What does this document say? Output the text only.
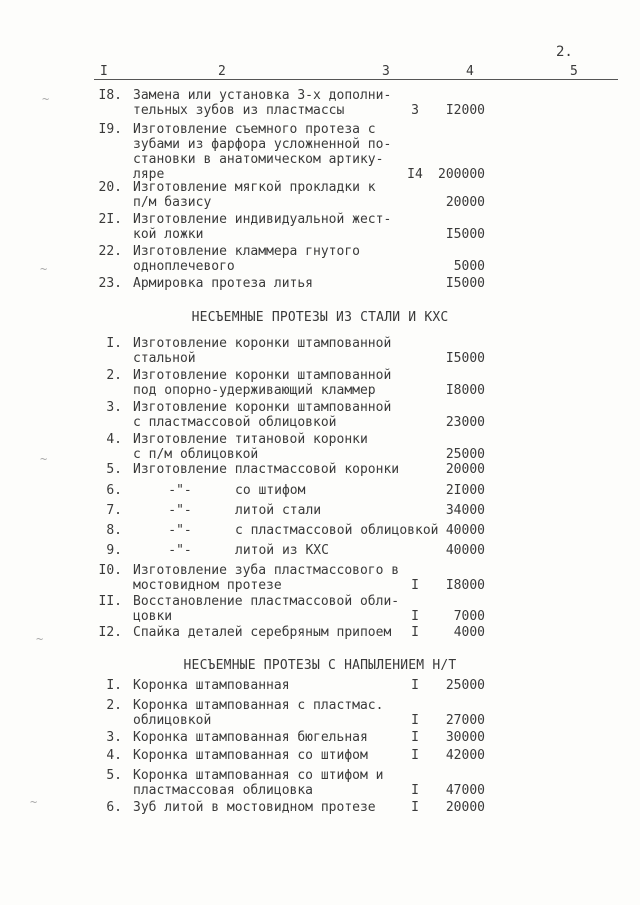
2.
I	2	3	4	5
I8. Замена или установка 3-х дополни-
тельных зубов из пластмассы	3	I2000
I9. Изготовление съемного протеза с
зубами из фарфора усложненной по-
становки в анатомическом артику-
ляре	I4	200000
20. Изготовление мягкой прокладки к
п/м базису	20000
2I. Изготовление индивидуальной жест-
кой ложки	I5000
22. Изготовление кламмера гнутого
одноплечевого	5000
23. Армировка протеза литья	I5000
НЕСЪЕМНЫЕ ПРОТЕЗЫ ИЗ СТАЛИ И КХС
I. Изготовление коронки штампованной
стальной	I5000
2. Изготовление коронки штампованной
под опорно-удерживающий кламмер	I8000
3. Изготовление коронки штампованной
с пластмассовой облицовкой	23000
4. Изготовление титановой коронки
с п/м облицовкой	25000
5. Изготовление пластмассовой коронки	20000
6.	-"-	со штифом	2I000
7.	-"-	литой стали	34000
8.	-"-	с пластмассовой облицовкой 40000
9.	-"-	литой из КХС	40000
I0. Изготовление зуба пластмассового в
мостовидном протезе	I	I8000
II. Восстановление пластмассовой обли-
цовки	I	7000
I2. Спайка деталей серебряным припоем	I	4000
НЕСЪЕМНЫЕ ПРОТЕЗЫ С НАПЫЛЕНИЕМ Н/Т
I. Коронка штампованная	I	25000
2. Коронка штампованная с пластмас.
облицовкой	I	27000
3. Коронка штампованная бюгельная	I	30000
4. Коронка штампованная со штифом	I	42000
5. Коронка штампованная со штифом и
пластмассовая облицовка	I	47000
6. Зуб литой в мостовидном протезе	I	20000
~
~
~
~
~
